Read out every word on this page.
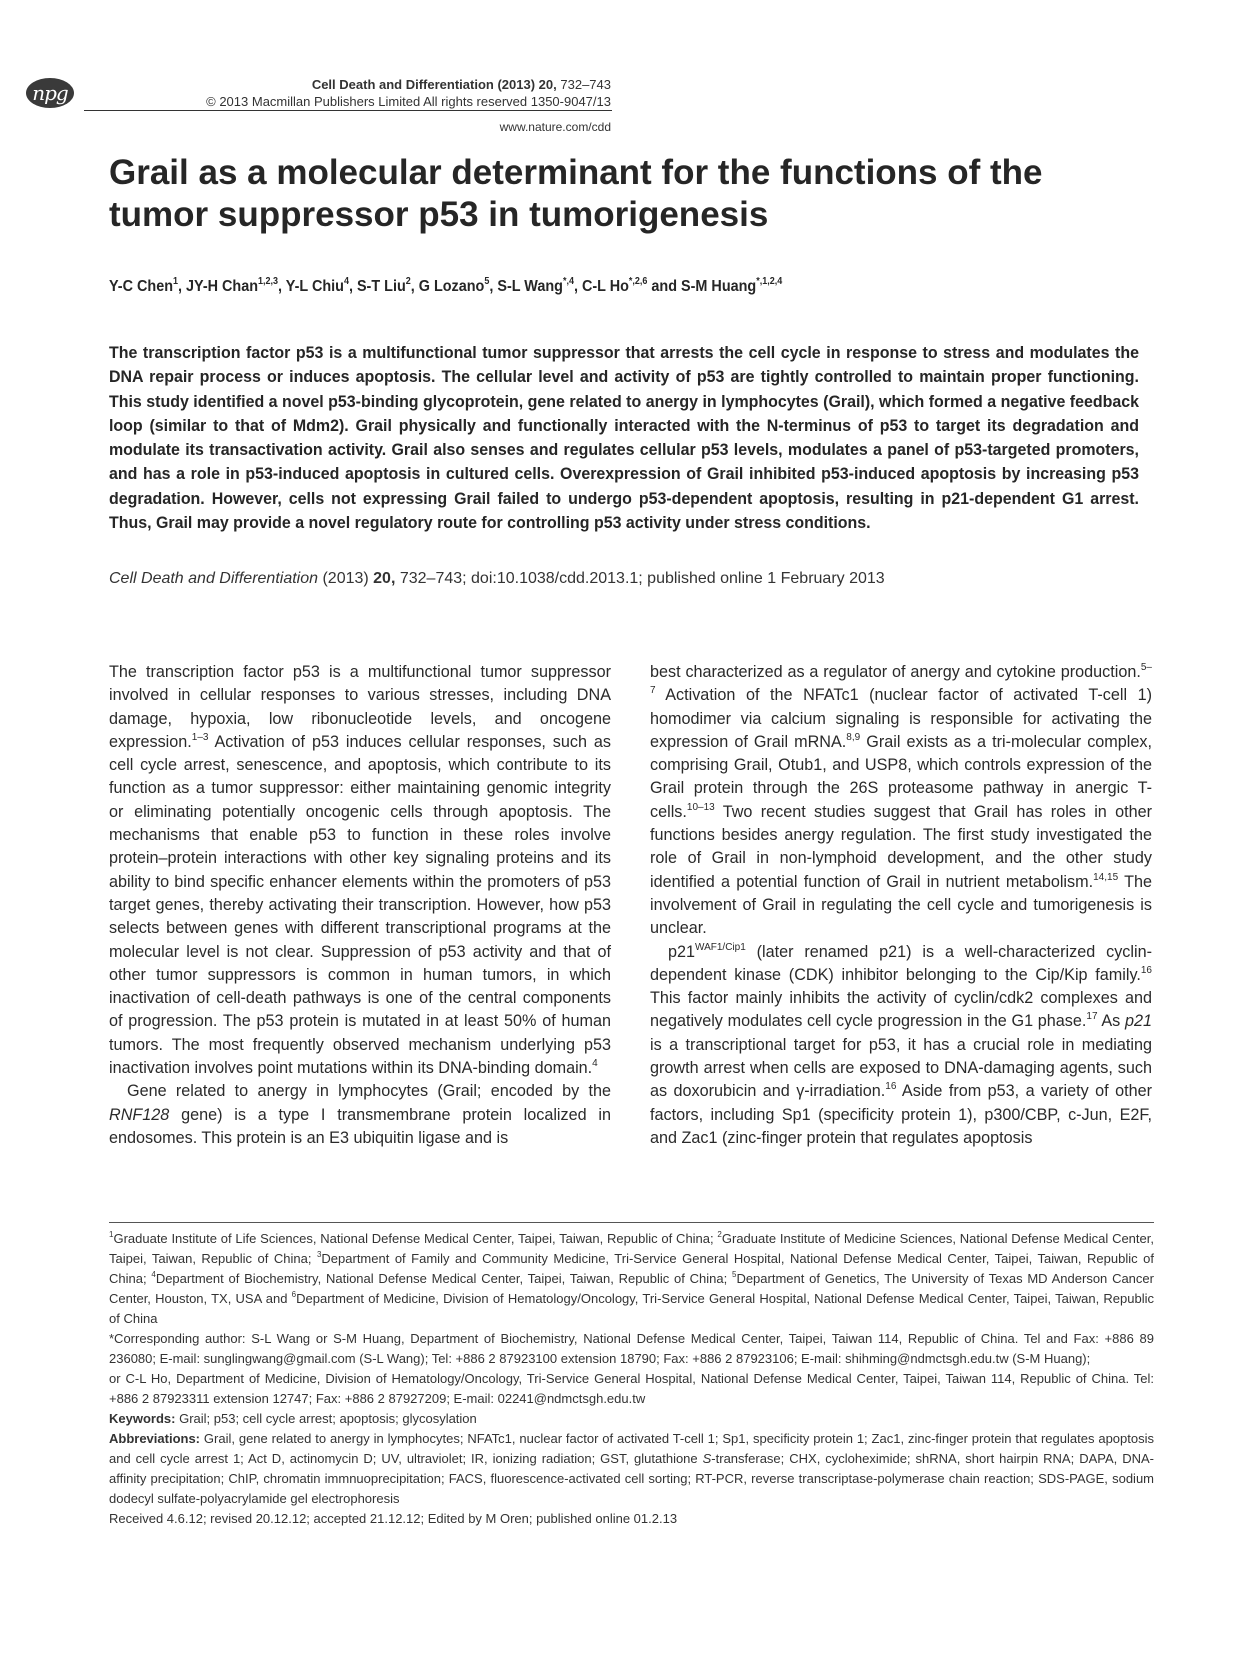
npg	Cell Death and Differentiation (2013) 20, 732–743
© 2013 Macmillan Publishers Limited All rights reserved 1350-9047/13
www.nature.com/cdd
Grail as a molecular determinant for the functions of the tumor suppressor p53 in tumorigenesis
Y-C Chen$^1$, JY-H Chan$^{1,2,3}$, Y-L Chiu$^4$, S-T Liu$^2$, G Lozano$^5$, S-L Wang$^{*,4}$, C-L $Ho^{*,2,6}$ and S-M Huang$^{*,1,2,4}$

The transcription factor p53 is a multifunctional tumor suppressor that arrests the cell cycle in response to stress and modulates the DNA repair process or induces apoptosis. The cellular level and activity of p53 are tightly controlled to maintain proper functioning. This study identified a novel p53-binding glycoprotein, gene related to anergy in lymphocytes (Grail), which formed a negative feedback loop (similar to that of Mdm2). Grail physically and functionally interacted with the N-terminus of p53 to target its degradation and modulate its transactivation activity. Grail also senses and regulates cellular p53 levels, modulates a panel of p53-targeted promoters, and has a role in p53-induced apoptosis in cultured cells. Overexpression of Grail inhibited p53-induced apoptosis by increasing p53 degradation. However, cells not expressing Grail failed to undergo p53-dependent apoptosis, resulting in p21-dependent G1 arrest. Thus, Grail may provide a novel regulatory route for controlling p53 activity under stress conditions.

Cell Death and Differentiation (2013) 20, 732–743; doi:10.1038/cdd.2013.1; published online 1 February 2013

The transcription factor p53 is a multifunctional tumor suppressor involved in cellular responses to various stresses, including DNA damage, hypoxia, low ribonucleotide levels, and oncogene expression.$^{1-3}$ Activation of p53 induces cellular responses, such as cell cycle arrest, senescence, and apoptosis, which contribute to its function as a tumor suppressor: either maintaining genomic integrity or eliminating potentially oncogenic cells through apoptosis. The mechanisms that enable p53 to function in these roles involve protein–protein interactions with other key signaling proteins and its ability to bind specific enhancer elements within the promoters of p53 target genes, thereby activating their transcription. However, how p53 selects between genes with different transcriptional programs at the molecular level is not clear. Suppression of p53 activity and that of other tumor suppressors is common in human tumors, in which inactivation of cell-death pathways is one of the central components of progression. The p53 protein is mutated in at least 50% of human tumors. The most frequently observed mechanism underlying p53 inactivation involves point mutations within its DNA-binding domain.$^4$

Gene related to anergy in lymphocytes (Grail; encoded by the RNF128 gene) is a type I transmembrane protein localized in endosomes. This protein is an E3 ubiquitin ligase and is

best characterized as a regulator of anergy and cytokine production.$^{5-7}$ Activation of the NFATc1 (nuclear factor of activated T-cell 1) homodimer via calcium signaling is responsible for activating the expression of Grail mRNA.$^{8,9}$ Grail exists as a tri-molecular complex, comprising Grail, Otub1, and USP8, which controls expression of the Grail protein through the 26S proteasome pathway in anergic T-cells.$^{10-13}$ Two recent studies suggest that Grail has roles in other functions besides anergy regulation. The first study investigated the role of Grail in non-lymphoid development, and the other study identified a potential function of Grail in nutrient metabolism.$^{14,15}$ The involvement of Grail in regulating the cell cycle and tumorigenesis is unclear.

$p21^{WAF1/Cip1}$ (later renamed p21) is a well-characterized cyclin-dependent kinase (CDK) inhibitor belonging to the Cip/Kip family.$^{16}$ This factor mainly inhibits the activity of cyclin/cdk2 complexes and negatively modulates cell cycle progression in the G1 phase.$^{17}$ As p21 is a transcriptional target for p53, it has a crucial role in mediating growth arrest when cells are exposed to DNA-damaging agents, such as doxorubicin and γ-irradiation.$^{16}$ Aside from p53, a variety of other factors, including Sp1 (specificity protein 1), p300/CBP, c-Jun, E2F, and Zac1 (zinc-finger protein that regulates apoptosis

$^1$Graduate Institute of Life Sciences, National Defense Medical Center, Taipei, Taiwan, Republic of China; $^2$Graduate Institute of Medicine Sciences, National Defense Medical Center, Taipei, Taiwan, Republic of China; $^3$Department of Family and Community Medicine, Tri-Service General Hospital, National Defense Medical Center, Taipei, Taiwan, Republic of China; $^4$Department of Biochemistry, National Defense Medical Center, Taipei, Taiwan, Republic of China; $^5$Department of Genetics, The University of Texas MD Anderson Cancer Center, Houston, TX, USA and $^6$Department of Medicine, Division of Hematology/Oncology, Tri-Service General Hospital, National Defense Medical Center, Taipei, Taiwan, Republic of China

*Corresponding author: S-L Wang or S-M Huang, Department of Biochemistry, National Defense Medical Center, Taipei, Taiwan 114, Republic of China. Tel and Fax: +886 89 236080; E-mail: sunglingwang@gmail.com (S-L Wang); Tel: +886 2 87923100 extension 18790; Fax: +886 2 87923106; E-mail: shihming@ndmctsgh.edu.tw (S-M Huang);

or C-L Ho, Department of Medicine, Division of Hematology/Oncology, Tri-Service General Hospital, National Defense Medical Center, Taipei, Taiwan 114, Republic of China. Tel: +886 2 87923311 extension 12747; Fax: +886 2 87927209; E-mail: 02241@ndmctsgh.edu.tw

Keywords: Grail; p53; cell cycle arrest; apoptosis; glycosylation

Abbreviations: Grail, gene related to anergy in lymphocytes; NFATc1, nuclear factor of activated T-cell 1; Sp1, specificity protein 1; Zac1, zinc-finger protein that regulates apoptosis and cell cycle arrest 1; Act D, actinomycin D; UV, ultraviolet; IR, ionizing radiation; GST, glutathione S-transferase; CHX, cycloheximide; shRNA, short hairpin RNA; DAPA, DNA-affinity precipitation; ChIP, chromatin immnuoprecipitation; FACS, fluorescence-activated cell sorting; RT-PCR, reverse transcriptase-polymerase chain reaction; SDS-PAGE, sodium dodecyl sulfate-polyacrylamide gel electrophoresis

Received 4.6.12; revised 20.12.12; accepted 21.12.12; Edited by M Oren; published online 01.2.13
